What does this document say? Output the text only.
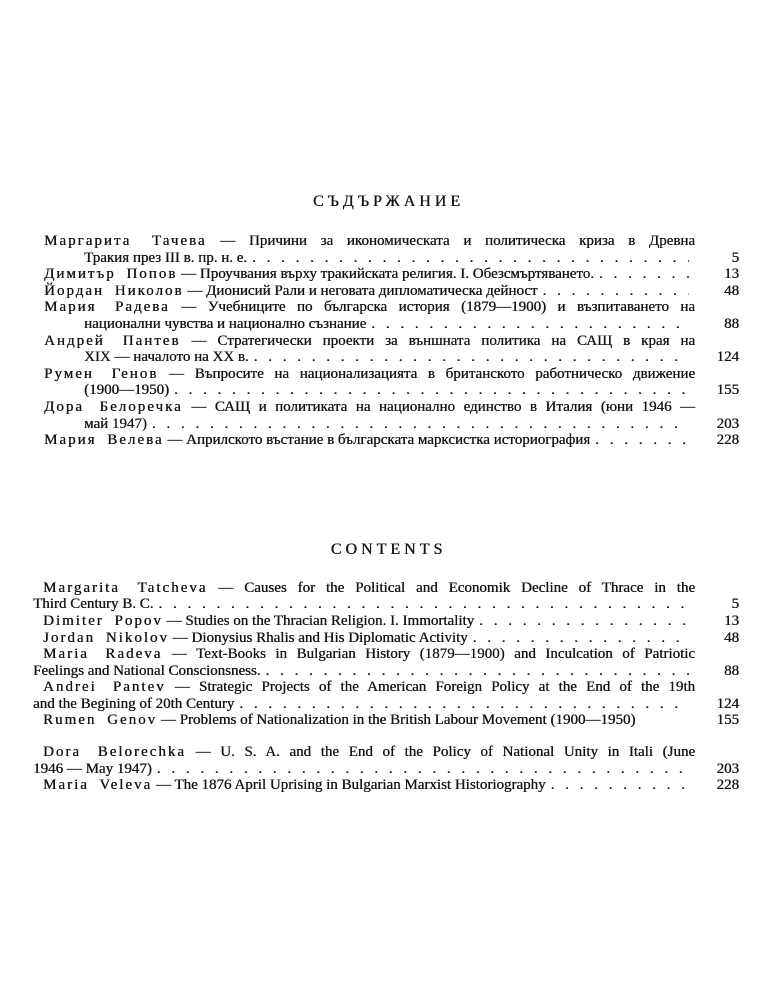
СЪДЪРЖАНИЕ
Маргарита Тачева — Причини за икономическата и политическа криза в Древна
Тракия през III в. пр. н. е. . . .	5
Димитър Попов — Проучвания върху тракийската религия. I. Обезсмъртяването. . . .	13
Йордан Николов — Дионисий Рали и неговата дипломатическа дейност . . .	48
Мария Радева — Учебниците по българска история (1879—1900) и възпитаването на
национални чувства и национално съзнание . . .	88
Андрей Пантев — Стратегически проекти за външната политика на САЩ в края на
XIX — началото на XX в. . . .	124
Румен Генов — Въпросите на национализацията в британското работническо движение
(1900—1950) . . .	155
Дора Белоречка — САЩ и политиката на национално единство в Италия (юни 1946 —
май 1947) . . .	203
Мария Велева — Априлското въстание в българската марксистка историография . . .	228
CONTENTS
Margarita Tatcheva — Causes for the Political and Economik Decline of Thrace in the
Third Century B. C. . . .	5
Dimiter Popov — Studies on the Thracian Religion. I. Immortality . . .	13
Jordan Nikolov — Dionysius Rhalis and His Diplomatic Activity . . .	48
Maria Radeva — Text-Books in Bulgarian History (1879—1900) and Inculcation of Patriotic
Feelings and National Conscionsness. . . .	88
Andrei Pantev — Strategic Projects of the American Foreign Policy at the End of the 19th
and the Begining of 20th Century . . .	124
Rumen Genov — Problems of Nationalization in the British Labour Movement (1900—1950)	155
Dora Belorechka — U. S. A. and the End of the Policy of National Unity in Itali (June
1946 — May 1947) . . .	203
Maria Veleva — The 1876 April Uprising in Bulgarian Marxist Historiography . . .	228
